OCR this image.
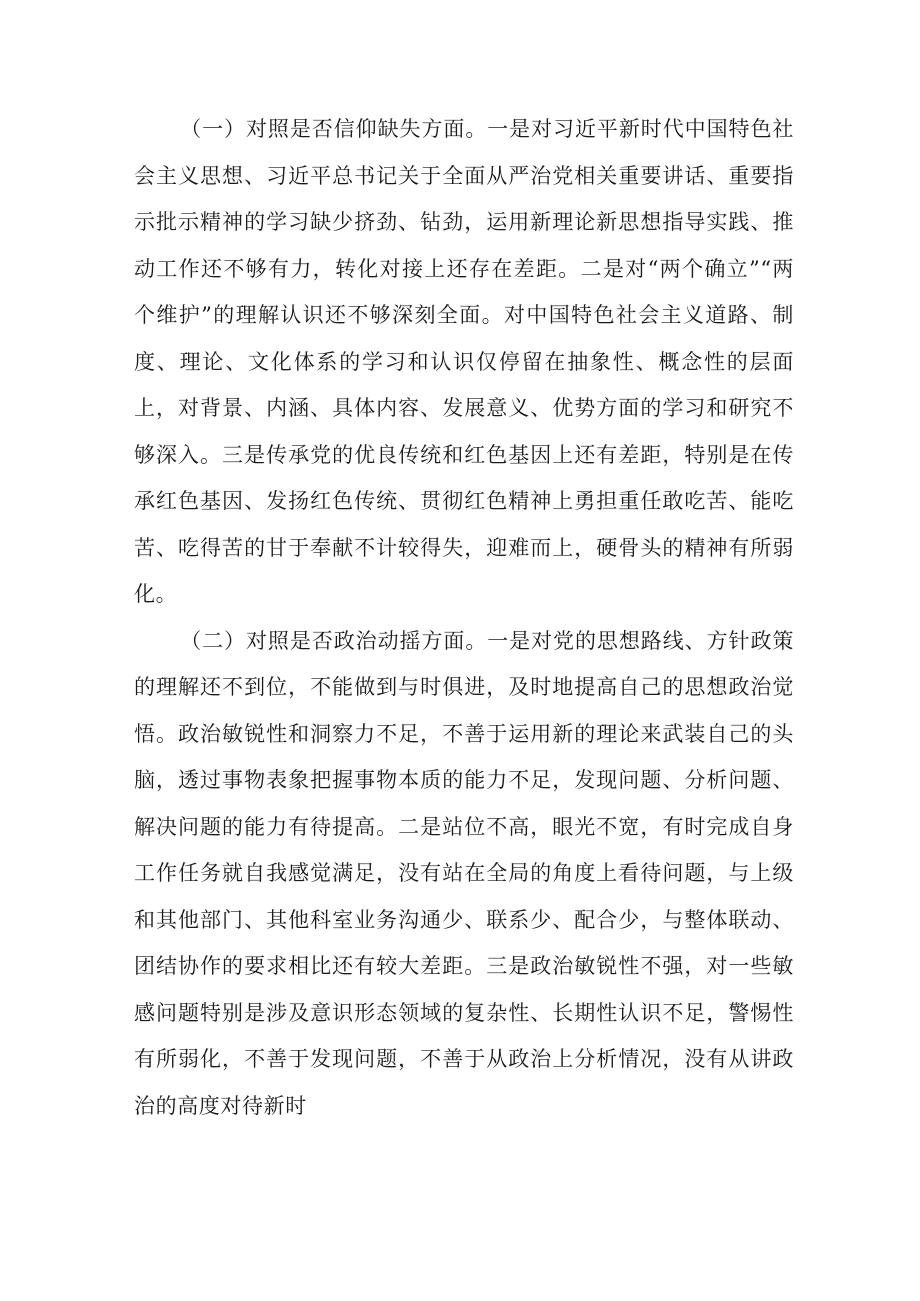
（一）对照是否信仰缺失方面。一是对习近平新时代中国特色社会主义思想、习近平总书记关于全面从严治党相关重要讲话、重要指示批示精神的学习缺少挤劲、钻劲，运用新理论新思想指导实践、推动工作还不够有力，转化对接上还存在差距。二是对“两个确立”“两个维护”的理解认识还不够深刻全面。对中国特色社会主义道路、制度、理论、文化体系的学习和认识仅停留在抽象性、概念性的层面上，对背景、内涵、具体内容、发展意义、优势方面的学习和研究不够深入。三是传承党的优良传统和红色基因上还有差距，特别是在传承红色基因、发扬红色传统、贯彻红色精神上勇担重任敢吃苦、能吃苦、吃得苦的甘于奉献不计较得失，迎难而上，硬骨头的精神有所弱化。

（二）对照是否政治动摇方面。一是对党的思想路线、方针政策的理解还不到位，不能做到与时俱进，及时地提高自己的思想政治觉悟。政治敏锐性和洞察力不足，不善于运用新的理论来武装自己的头脑，透过事物表象把握事物本质的能力不足，发现问题、分析问题、解决问题的能力有待提高。二是站位不高，眼光不宽，有时完成自身工作任务就自我感觉满足，没有站在全局的角度上看待问题，与上级和其他部门、其他科室业务沟通少、联系少、配合少，与整体联动、团结协作的要求相比还有较大差距。三是政治敏锐性不强，对一些敏感问题特别是涉及意识形态领域的复杂性、长期性认识不足，警惕性有所弱化，不善于发现问题，不善于从政治上分析情况，没有从讲政治的高度对待新时
